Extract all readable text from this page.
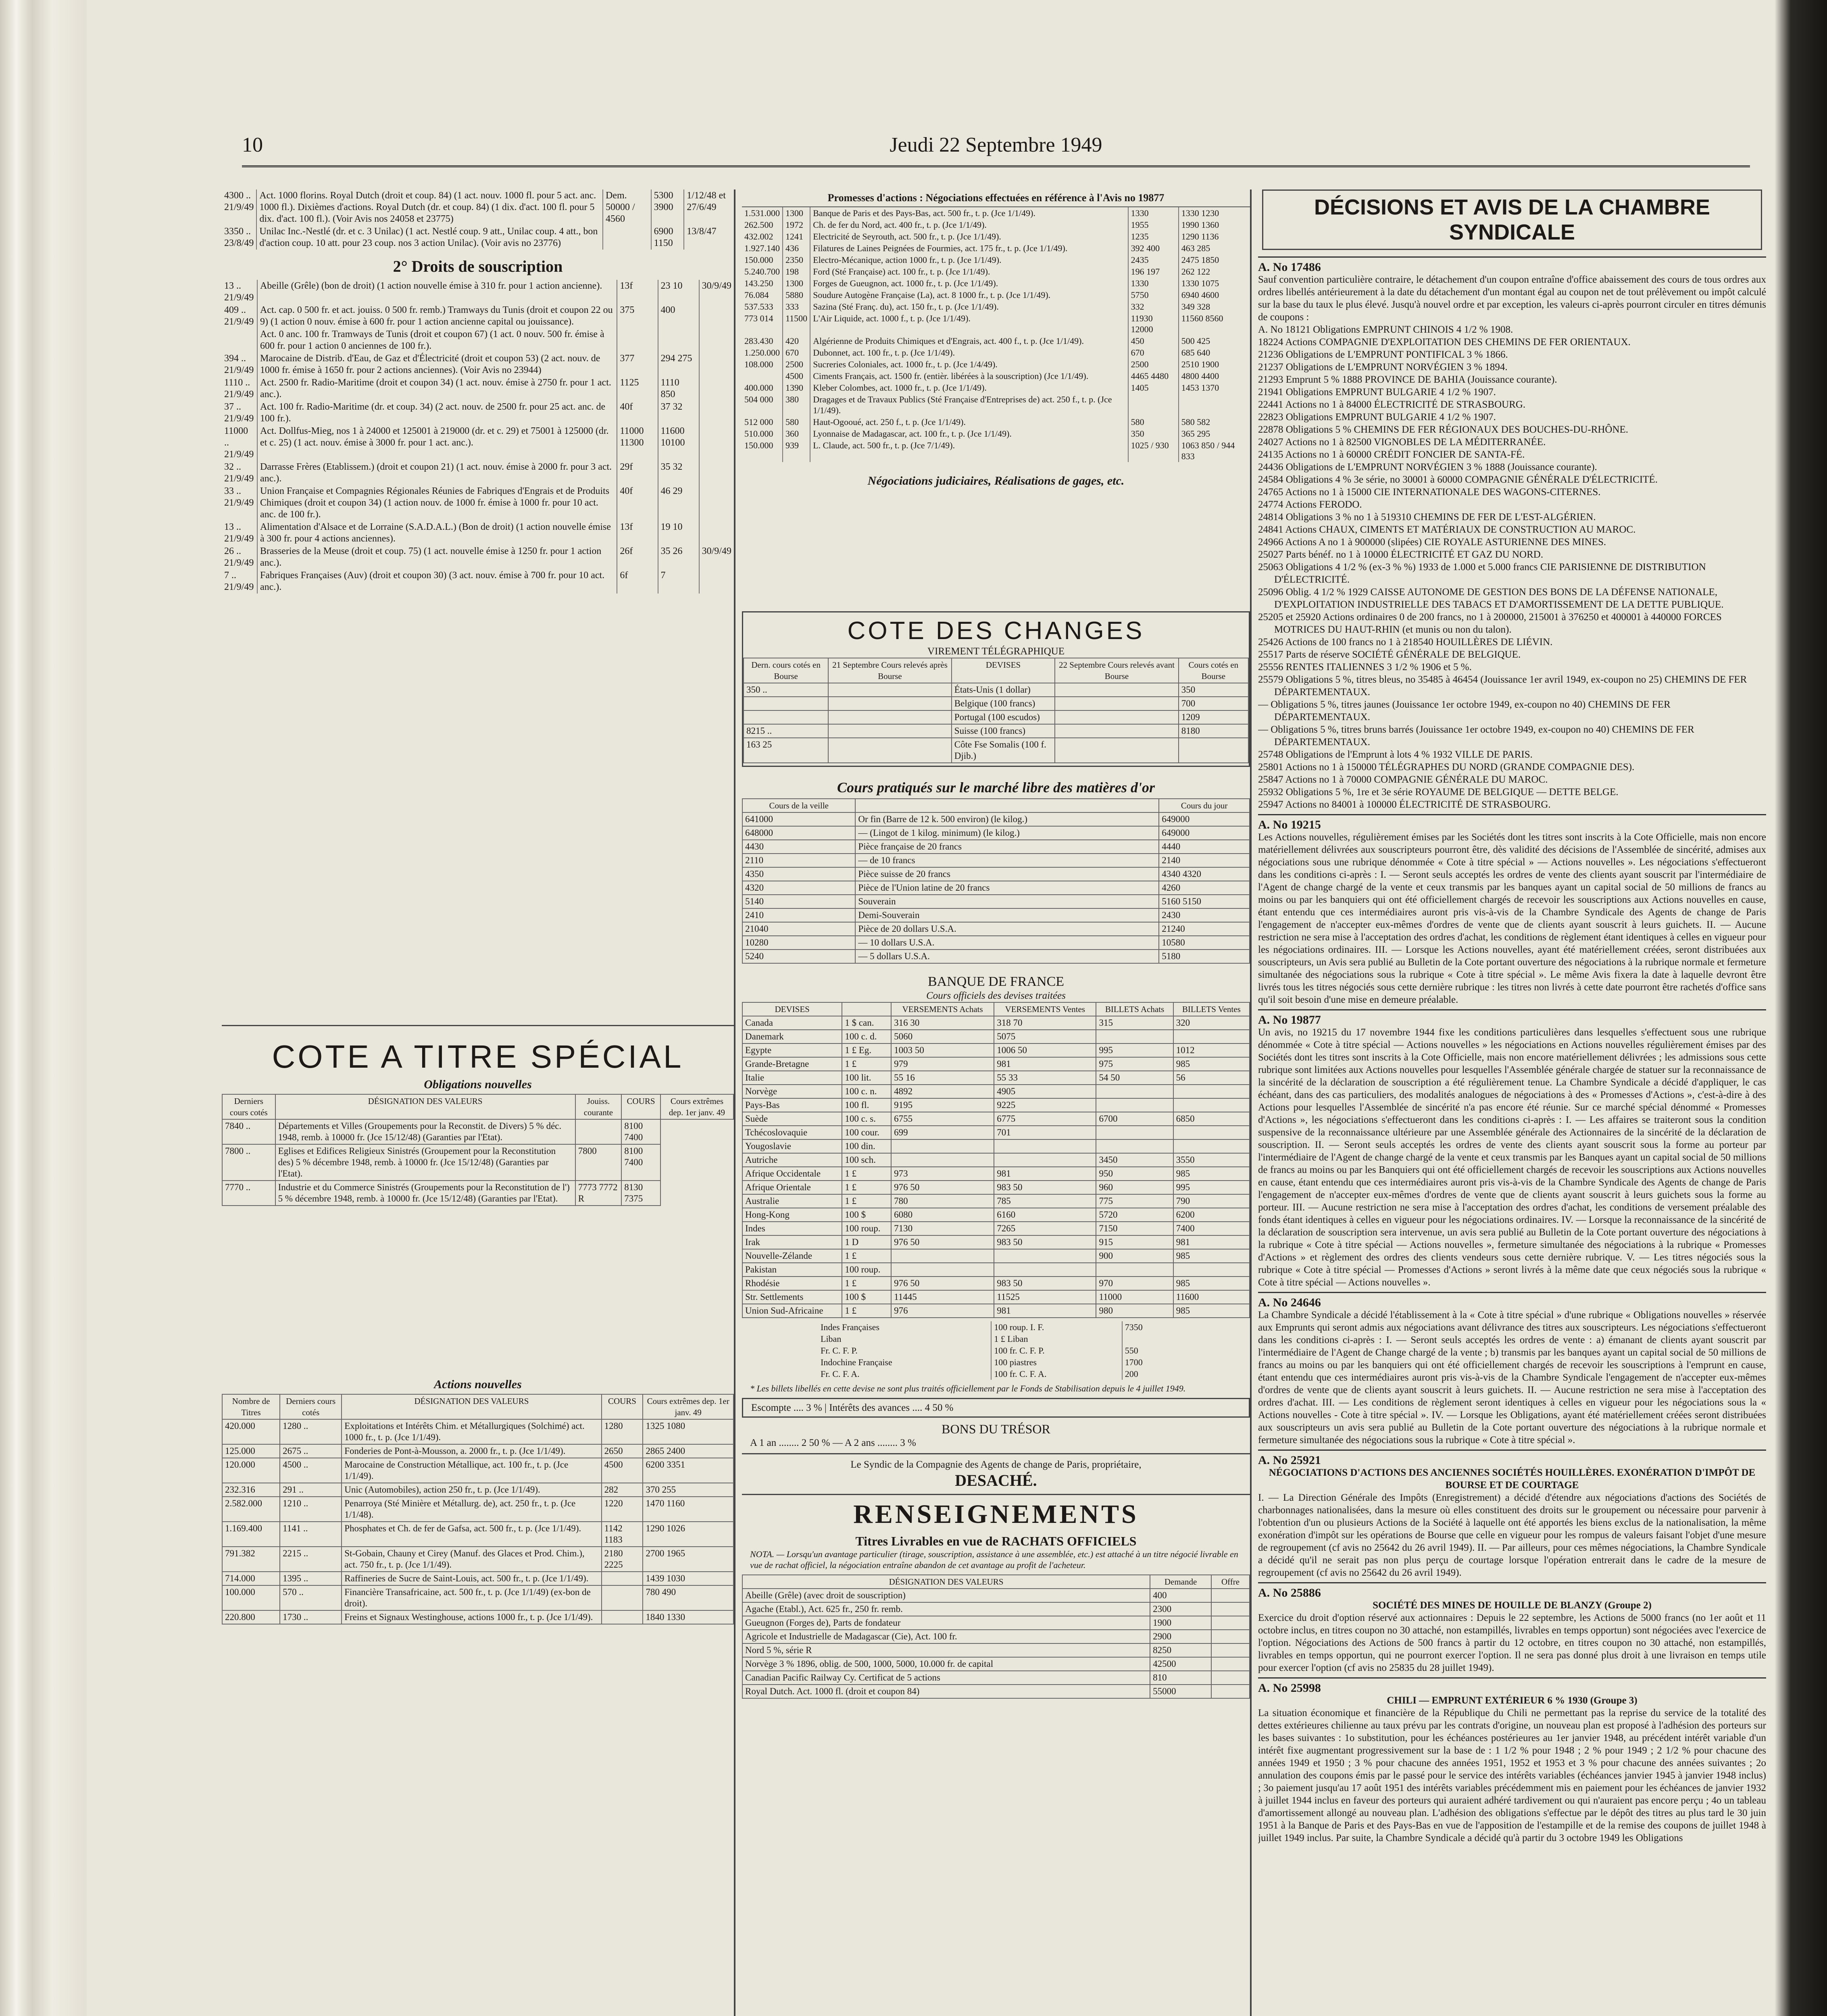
10	Jeudi 22 Septembre 1949
4300 ..
21/9/49	Act. 1000 florins. Royal Dutch (droit et coup. 84) (1 act. nouv. 1000 fl. pour 5 act. anc. 1000 fl.). Dixièmes d'actions. Royal Dutch (dr. et coup. 84) (1 dix. d'act. 100 fl. pour 5 dix. d'act. 100 fl.). (Voir Avis nos 24058 et 23775)	Dem. 50000 / 4560	5300 3900	1/12/48 et 27/6/49
3350 ..
23/8/49	Unilac Inc.-Nestlé (dr. et c. 3 Unilac) (1 act. Nestlé coup. 9 att., Unilac coup. 4 att., bon d'action coup. 10 att. pour 23 coup. nos 3 action Unilac). (Voir avis no 23776)		6900 1150	13/8/47
2° Droits de souscription
13 ..
21/9/49	Abeille (Grêle) (bon de droit) (1 action nouvelle émise à 310 fr. pour 1 action ancienne).	13f	23 10	30/9/49
409 ..
21/9/49	Act. cap. 0 500 fr. et act. jouiss. 0 500 fr. remb.) Tramways du Tunis (droit et coupon 22 ou 9) (1 action 0 nouv. émise à 600 fr. pour 1 action ancienne capital ou jouissance).	375	400	
	Act. 0 anc. 100 fr. Tramways de Tunis (droit et coupon 67) (1 act. 0 nouv. 500 fr. émise à 600 fr. pour 1 action 0 anciennes de 100 fr.).			
394 ..
21/9/49	Marocaine de Distrib. d'Eau, de Gaz et d'Électricité (droit et coupon 53) (2 act. nouv. de 1000 fr. émise à 1650 fr. pour 2 actions anciennes). (Voir Avis no 23944)	377	294 275	
1110 ..
21/9/49	Act. 2500 fr. Radio-Maritime (droit et coupon 34) (1 act. nouv. émise à 2750 fr. pour 1 act. anc.).	1125	1110 850	
37 ..
21/9/49	Act. 100 fr. Radio-Maritime (dr. et coup. 34) (2 act. nouv. de 2500 fr. pour 25 act. anc. de 100 fr.).	40f	37 32	
11000 ..
21/9/49	Act. Dollfus-Mieg, nos 1 à 24000 et 125001 à 219000 (dr. et c. 29) et 75001 à 125000 (dr. et c. 25) (1 act. nouv. émise à 3000 fr. pour 1 act. anc.).	11000 11300	11600 10100	
32 ..
21/9/49	Darrasse Frères (Etablissem.) (droit et coupon 21) (1 act. nouv. émise à 2000 fr. pour 3 act. anc.).	29f	35 32	
33 ..
21/9/49	Union Française et Compagnies Régionales Réunies de Fabriques d'Engrais et de Produits Chimiques (droit et coupon 34) (1 action nouv. de 1000 fr. émise à 1000 fr. pour 10 act. anc. de 100 fr.).	40f	46 29	
13 ..
21/9/49	Alimentation d'Alsace et de Lorraine (S.A.D.A.L.) (Bon de droit) (1 action nouvelle émise à 300 fr. pour 4 actions anciennes).	13f	19 10	
26 ..
21/9/49	Brasseries de la Meuse (droit et coup. 75) (1 act. nouvelle émise à 1250 fr. pour 1 action anc.).	26f	35 26	30/9/49
7 ..
21/9/49	Fabriques Françaises (Auv) (droit et coupon 30) (3 act. nouv. émise à 700 fr. pour 10 act. anc.).	6f	7	
COTE A TITRE SPÉCIAL
Obligations nouvelles
Derniers cours cotés	DÉSIGNATION DES VALEURS	Jouiss. courante	COURS	Cours extrêmes dep. 1er janv. 49
7840 ..	Départements et Villes (Groupements pour la Reconstit. de Divers) 5 % déc. 1948, remb. à 10000 fr. (Jce 15/12/48) (Garanties par l'Etat).		8100 7400	
7800 ..	Eglises et Edifices Religieux Sinistrés (Groupement pour la Reconstitution des) 5 % décembre 1948, remb. à 10000 fr. (Jce 15/12/48) (Garanties par l'Etat).	7800	8100 7400	
7770 ..	Industrie et du Commerce Sinistrés (Groupements pour la Reconstitution de l') 5 % décembre 1948, remb. à 10000 fr. (Jce 15/12/48) (Garanties par l'Etat).	7773 7772 R	8130 7375	
Actions nouvelles
Nombre de Titres	Derniers cours cotés	DÉSIGNATION DES VALEURS	COURS	Cours extrêmes dep. 1er janv. 49
420.000	1280 ..	Exploitations et Intérêts Chim. et Métallurgiques (Solchimé) act. 1000 fr., t. p. (Jce 1/1/49).	1280	1325 1080
125.000	2675 ..	Fonderies de Pont-à-Mousson, a. 2000 fr., t. p. (Jce 1/1/49).	2650	2865 2400
120.000	4500 ..	Marocaine de Construction Métallique, act. 100 fr., t. p. (Jce 1/1/49).	4500	6200 3351
232.316	291 ..	Unic (Automobiles), action 250 fr., t. p. (Jce 1/1/49).	282	370 255
2.582.000	1210 ..	Penarroya (Sté Minière et Métallurg. de), act. 250 fr., t. p. (Jce 1/1/48).	1220	1470 1160
1.169.400	1141 ..	Phosphates et Ch. de fer de Gafsa, act. 500 fr., t. p. (Jce 1/1/49).	1142 1183	1290 1026
791.382	2215 ..	St-Gobain, Chauny et Cirey (Manuf. des Glaces et Prod. Chim.), act. 750 fr., t. p. (Jce 1/1/49).	2180 2225	2700 1965
714.000	1395 ..	Raffineries de Sucre de Saint-Louis, act. 500 fr., t. p. (Jce 1/1/49).		1439 1030
100.000	570 ..	Financière Transafricaine, act. 500 fr., t. p. (Jce 1/1/49) (ex-bon de droit).		780 490
220.800	1730 ..	Freins et Signaux Westinghouse, actions 1000 fr., t. p. (Jce 1/1/49).		1840 1330
Promesses d'actions : Négociations effectuées en référence à l'Avis no 19877
1.531.000	1300	Banque de Paris et des Pays-Bas, act. 500 fr., t. p. (Jce 1/1/49).	1330	1330 1230
262.500	1972	Ch. de fer du Nord, act. 400 fr., t. p. (Jce 1/1/49).	1955	1990 1360
432.002	1241	Electricité de Seyrouth, act. 500 fr., t. p. (Jce 1/1/49).	1235	1290 1136
1.927.140	436	Filatures de Laines Peignées de Fourmies, act. 175 fr., t. p. (Jce 1/1/49).	392 400	463 285
150.000	2350	Electro-Mécanique, action 1000 fr., t. p. (Jce 1/1/49).	2435	2475 1850
5.240.700	198	Ford (Sté Française) act. 100 fr., t. p. (Jce 1/1/49).	196 197	262 122
143.250	1300	Forges de Gueugnon, act. 1000 fr., t. p. (Jce 1/1/49).	1330	1330 1075
76.084	5880	Soudure Autogène Française (La), act. 8 1000 fr., t. p. (Jce 1/1/49).	5750	6940 4600
537.533	333	Sazina (Sté Franç. du), act. 150 fr., t. p. (Jce 1/1/49).	332	349 328
773 014	11500	L'Air Liquide, act. 1000 f., t. p. (Jce 1/1/49).	11930 12000	11560 8560
283.430	420	Algérienne de Produits Chimiques et d'Engrais, act. 400 f., t. p. (Jce 1/1/49).	450	500 425
1.250.000	670	Dubonnet, act. 100 fr., t. p. (Jce 1/1/49).	670	685 640
108.000	2500	Sucreries Coloniales, act. 1000 fr., t. p. (Jce 1/4/49).	2500	2510 1900
	4500	Ciments Français, act. 1500 fr. (entièr. libérées à la souscription) (Jce 1/1/49).	4465 4480	4800 4400
400.000	1390	Kleber Colombes, act. 1000 fr., t. p. (Jce 1/1/49).	1405	1453 1370
504 000	380	Dragages et de Travaux Publics (Sté Française d'Entreprises de) act. 250 f., t. p. (Jce 1/1/49).		
512 000	580	Haut-Ogooué, act. 250 f., t. p. (Jce 1/1/49).	580	580 582
510.000	360	Lyonnaise de Madagascar, act. 100 fr., t. p. (Jce 1/1/49).	350	365 295
150.000	939	L. Claude, act. 500 fr., t. p. (Jce 7/1/49).	1025 / 930	1063 850 / 944 833
Négociations judiciaires, Réalisations de gages, etc.
COTE DES CHANGES
VIREMENT TÉLÉGRAPHIQUE
Dern. cours cotés en Bourse	21 Septembre Cours relevés après Bourse	DEVISES	22 Septembre Cours relevés avant Bourse	Cours cotés en Bourse
350 ..		États-Unis (1 dollar)		350
		Belgique (100 francs)		700
		Portugal (100 escudos)		1209
8215 ..		Suisse (100 francs)		8180
163 25		Côte Fse Somalis (100 f. Djib.)		
Cours pratiqués sur le marché libre des matières d'or
Cours de la veille		Cours du jour
641000	Or fin (Barre de 12 k. 500 environ) (le kilog.)	649000
648000	— (Lingot de 1 kilog. minimum) (le kilog.)	649000
4430	Pièce française de 20 francs	4440
2110	— de 10 francs	2140
4350	Pièce suisse de 20 francs	4340 4320
4320	Pièce de l'Union latine de 20 francs	4260
5140	Souverain	5160 5150
2410	Demi-Souverain	2430
21040	Pièce de 20 dollars U.S.A.	21240
10280	— 10 dollars U.S.A.	10580
5240	— 5 dollars U.S.A.	5180
BANQUE DE FRANCE
Cours officiels des devises traitées
DEVISES		VERSEMENTS Achats	VERSEMENTS Ventes	BILLETS Achats	BILLETS Ventes
Canada	1 $ can.	316 30	318 70	315	320
Danemark	100 c. d.	5060	5075		
Egypte	1 £ Eg.	1003 50	1006 50	995	1012
Grande-Bretagne	1 £	979	981	975	985
Italie	100 lit.	55 16	55 33	54 50	56
Norvège	100 c. n.	4892	4905		
Pays-Bas	100 fl.	9195	9225		
Suède	100 c. s.	6755	6775	6700	6850
Tchécoslovaquie	100 cour.	699	701		
Yougoslavie	100 din.				
Autriche	100 sch.			3450	3550
Afrique Occidentale	1 £	973	981	950	985
Afrique Orientale	1 £	976 50	983 50	960	995
Australie	1 £	780	785	775	790
Hong-Kong	100 $	6080	6160	5720	6200
Indes	100 roup.	7130	7265	7150	7400
Irak	1 D	976 50	983 50	915	981
Nouvelle-Zélande	1 £			900	985
Pakistan	100 roup.				
Rhodésie	1 £	976 50	983 50	970	985
Str. Settlements	100 $	11445	11525	11000	11600
Union Sud-Africaine	1 £	976	981	980	985
Indes Françaises	100 roup. I. F.	7350
Liban	1 £ Liban	
Fr. C. F. P.	100 fr. C. F. P.	550
Indochine Française	100 piastres	1700
Fr. C. F. A.	100 fr. C. F. A.	200
* Les billets libellés en cette devise ne sont plus traités officiellement par le Fonds de Stabilisation depuis le 4 juillet 1949.
Escompte .... 3 % | Intérêts des avances .... 4 50 %
BONS DU TRÉSOR
A 1 an ........ 2 50 % — A 2 ans ........ 3 %
Le Syndic de la Compagnie des Agents de change de Paris, propriétaire,
DESACHÉ.
RENSEIGNEMENTS
Titres Livrables en vue de RACHATS OFFICIELS
NOTA. — Lorsqu'un avantage particulier (tirage, souscription, assistance à une assemblée, etc.) est attaché à un titre négocié livrable en vue de rachat officiel, la négociation entraîne abandon de cet avantage au profit de l'acheteur.
DÉSIGNATION DES VALEURS	Demande	Offre
Abeille (Grêle) (avec droit de souscription)	400	
Agache (Etabl.), Act. 625 fr., 250 fr. remb.	2300	
Gueugnon (Forges de), Parts de fondateur	1900	
Agricole et Industrielle de Madagascar (Cie), Act. 100 fr.	2900	
Nord 5 %, série R	8250	
Norvège 3 % 1896, oblig. de 500, 1000, 5000, 10.000 fr. de capital	42500	
Canadian Pacific Railway Cy. Certificat de 5 actions	810	
Royal Dutch. Act. 1000 fl. (droit et coupon 84)	55000	
DÉCISIONS ET AVIS DE LA CHAMBRE SYNDICALE
A. No 17486
Sauf convention particulière contraire, le détachement d'un coupon entraîne d'office abaissement des cours de tous ordres aux ordres libellés antérieurement à la date du détachement d'un montant égal au coupon net de tout prélèvement ou impôt calculé sur la base du taux le plus élevé. Jusqu'à nouvel ordre et par exception, les valeurs ci-après pourront circuler en titres démunis de coupons :
A. No 18121 Obligations EMPRUNT CHINOIS 4 1/2 % 1908.
18224 Actions COMPAGNIE D'EXPLOITATION DES CHEMINS DE FER ORIENTAUX.
21236 Obligations de L'EMPRUNT PONTIFICAL 3 % 1866.
21237 Obligations de L'EMPRUNT NORVÉGIEN 3 % 1894.
21293 Emprunt 5 % 1888 PROVINCE DE BAHIA (Jouissance courante).
21941 Obligations EMPRUNT BULGARIE 4 1/2 % 1907.
22441 Actions no 1 à 84000 ÉLECTRICITÉ DE STRASBOURG.
22823 Obligations EMPRUNT BULGARIE 4 1/2 % 1907.
22878 Obligations 5 % CHEMINS DE FER RÉGIONAUX DES BOUCHES-DU-RHÔNE.
24027 Actions no 1 à 82500 VIGNOBLES DE LA MÉDITERRANÉE.
24135 Actions no 1 à 60000 CRÉDIT FONCIER DE SANTA-FÉ.
24436 Obligations de L'EMPRUNT NORVÉGIEN 3 % 1888 (Jouissance courante).
24584 Obligations 4 % 3e série, no 30001 à 60000 COMPAGNIE GÉNÉRALE D'ÉLECTRICITÉ.
24765 Actions no 1 à 15000 CIE INTERNATIONALE DES WAGONS-CITERNES.
24774 Actions FERODO.
24814 Obligations 3 % no 1 à 519310 CHEMINS DE FER DE L'EST-ALGÉRIEN.
24841 Actions CHAUX, CIMENTS ET MATÉRIAUX DE CONSTRUCTION AU MAROC.
24966 Actions A no 1 à 900000 (slipées) CIE ROYALE ASTURIENNE DES MINES.
25027 Parts bénéf. no 1 à 10000 ÉLECTRICITÉ ET GAZ DU NORD.
25063 Obligations 4 1/2 % (ex-3 % %) 1933 de 1.000 et 5.000 francs CIE PARISIENNE DE DISTRIBUTION D'ÉLECTRICITÉ.
25096 Oblig. 4 1/2 % 1929 CAISSE AUTONOME DE GESTION DES BONS DE LA DÉFENSE NATIONALE, D'EXPLOITATION INDUSTRIELLE DES TABACS ET D'AMORTISSEMENT DE LA DETTE PUBLIQUE.
25205 et 25920 Actions ordinaires 0 de 200 francs, no 1 à 200000, 215001 à 376250 et 400001 à 440000 FORCES MOTRICES DU HAUT-RHIN (et munis ou non du talon).
25426 Actions de 100 francs no 1 à 218540 HOUILLÈRES DE LIÉVIN.
25517 Parts de réserve SOCIÉTÉ GÉNÉRALE DE BELGIQUE.
25556 RENTES ITALIENNES 3 1/2 % 1906 et 5 %.
25579 Obligations 5 %, titres bleus, no 35485 à 46454 (Jouissance 1er avril 1949, ex-coupon no 25) CHEMINS DE FER DÉPARTEMENTAUX.
— Obligations 5 %, titres jaunes (Jouissance 1er octobre 1949, ex-coupon no 40) CHEMINS DE FER DÉPARTEMENTAUX.
— Obligations 5 %, titres bruns barrés (Jouissance 1er octobre 1949, ex-coupon no 40) CHEMINS DE FER DÉPARTEMENTAUX.
25748 Obligations de l'Emprunt à lots 4 % 1932 VILLE DE PARIS.
25801 Actions no 1 à 150000 TÉLÉGRAPHES DU NORD (GRANDE COMPAGNIE DES).
25847 Actions no 1 à 70000 COMPAGNIE GÉNÉRALE DU MAROC.
25932 Obligations 5 %, 1re et 3e série ROYAUME DE BELGIQUE — DETTE BELGE.
25947 Actions no 84001 à 100000 ÉLECTRICITÉ DE STRASBOURG.
A. No 19215
Les Actions nouvelles, régulièrement émises par les Sociétés dont les titres sont inscrits à la Cote Officielle, mais non encore matériellement délivrées aux souscripteurs pourront être, dès validité des décisions de l'Assemblée de sincérité, admises aux négociations sous une rubrique dénommée « Cote à titre spécial » — Actions nouvelles ». Les négociations s'effectueront dans les conditions ci-après : I. — Seront seuls acceptés les ordres de vente des clients ayant souscrit par l'intermédiaire de l'Agent de change chargé de la vente et ceux transmis par les banques ayant un capital social de 50 millions de francs au moins ou par les banquiers qui ont été officiellement chargés de recevoir les souscriptions aux Actions nouvelles en cause, étant entendu que ces intermédiaires auront pris vis-à-vis de la Chambre Syndicale des Agents de change de Paris l'engagement de n'accepter eux-mêmes d'ordres de vente que de clients ayant souscrit à leurs guichets. II. — Aucune restriction ne sera mise à l'acceptation des ordres d'achat, les conditions de règlement étant identiques à celles en vigueur pour les négociations ordinaires. III. — Lorsque les Actions nouvelles, ayant été matériellement créées, seront distribuées aux souscripteurs, un Avis sera publié au Bulletin de la Cote portant ouverture des négociations à la rubrique normale et fermeture simultanée des négociations sous la rubrique « Cote à titre spécial ». Le même Avis fixera la date à laquelle devront être livrés tous les titres négociés sous cette dernière rubrique : les titres non livrés à cette date pourront être rachetés d'office sans qu'il soit besoin d'une mise en demeure préalable.
A. No 19877
Un avis, no 19215 du 17 novembre 1944 fixe les conditions particulières dans lesquelles s'effectuent sous une rubrique dénommée « Cote à titre spécial — Actions nouvelles » les négociations en Actions nouvelles régulièrement émises par des Sociétés dont les titres sont inscrits à la Cote Officielle, mais non encore matériellement délivrées ; les admissions sous cette rubrique sont limitées aux Actions nouvelles pour lesquelles l'Assemblée générale chargée de statuer sur la reconnaissance de la sincérité de la déclaration de souscription a été régulièrement tenue. La Chambre Syndicale a décidé d'appliquer, le cas échéant, dans des cas particuliers, des modalités analogues de négociations à des « Promesses d'Actions », c'est-à-dire à des Actions pour lesquelles l'Assemblée de sincérité n'a pas encore été réunie. Sur ce marché spécial dénommé « Promesses d'Actions », les négociations s'effectueront dans les conditions ci-après : I. — Les affaires se traiteront sous la condition suspensive de la reconnaissance ultérieure par une Assemblée générale des Actionnaires de la sincérité de la déclaration de souscription. II. — Seront seuls acceptés les ordres de vente des clients ayant souscrit sous la forme au porteur par l'intermédiaire de l'Agent de change chargé de la vente et ceux transmis par les Banques ayant un capital social de 50 millions de francs au moins ou par les Banquiers qui ont été officiellement chargés de recevoir les souscriptions aux Actions nouvelles en cause, étant entendu que ces intermédiaires auront pris vis-à-vis de la Chambre Syndicale des Agents de change de Paris l'engagement de n'accepter eux-mêmes d'ordres de vente que de clients ayant souscrit à leurs guichets sous la forme au porteur. III. — Aucune restriction ne sera mise à l'acceptation des ordres d'achat, les conditions de versement préalable des fonds étant identiques à celles en vigueur pour les négociations ordinaires. IV. — Lorsque la reconnaissance de la sincérité de la déclaration de souscription sera intervenue, un avis sera publié au Bulletin de la Cote portant ouverture des négociations à la rubrique « Cote à titre spécial — Actions nouvelles », fermeture simultanée des négociations à la rubrique « Promesses d'Actions » et règlement des ordres des clients vendeurs sous cette dernière rubrique. V. — Les titres négociés sous la rubrique « Cote à titre spécial — Promesses d'Actions » seront livrés à la même date que ceux négociés sous la rubrique « Cote à titre spécial — Actions nouvelles ».
A. No 24646
La Chambre Syndicale a décidé l'établissement à la « Cote à titre spécial » d'une rubrique « Obligations nouvelles » réservée aux Emprunts qui seront admis aux négociations avant délivrance des titres aux souscripteurs. Les négociations s'effectueront dans les conditions ci-après : I. — Seront seuls acceptés les ordres de vente : a) émanant de clients ayant souscrit par l'intermédiaire de l'Agent de Change chargé de la vente ; b) transmis par les banques ayant un capital social de 50 millions de francs au moins ou par les banquiers qui ont été officiellement chargés de recevoir les souscriptions à l'emprunt en cause, étant entendu que ces intermédiaires auront pris vis-à-vis de la Chambre Syndicale l'engagement de n'accepter eux-mêmes d'ordres de vente que de clients ayant souscrit à leurs guichets. II. — Aucune restriction ne sera mise à l'acceptation des ordres d'achat. III. — Les conditions de règlement seront identiques à celles en vigueur pour les négociations sous la « Actions nouvelles - Cote à titre spécial ». IV. — Lorsque les Obligations, ayant été matériellement créées seront distribuées aux souscripteurs un avis sera publié au Bulletin de la Cote portant ouverture des négociations à la rubrique normale et fermeture simultanée des négociations sous la rubrique « Cote à titre spécial ».
A. No 25921
NÉGOCIATIONS D'ACTIONS DES ANCIENNES SOCIÉTÉS HOUILLÈRES. EXONÉRATION D'IMPÔT DE BOURSE ET DE COURTAGE
I. — La Direction Générale des Impôts (Enregistrement) a décidé d'étendre aux négociations d'actions des Sociétés de charbonnages nationalisées, dans la mesure où elles constituent des droits sur le groupement ou nécessaire pour parvenir à l'obtention d'un ou plusieurs Actions de la Société à laquelle ont été apportés les biens exclus de la nationalisation, la même exonération d'impôt sur les opérations de Bourse que celle en vigueur pour les rompus de valeurs faisant l'objet d'une mesure de regroupement (cf avis no 25642 du 26 avril 1949). II. — Par ailleurs, pour ces mêmes négociations, la Chambre Syndicale a décidé qu'il ne serait pas non plus perçu de courtage lorsque l'opération entrerait dans le cadre de la mesure de regroupement (cf avis no 25642 du 26 avril 1949).
A. No 25886
SOCIÉTÉ DES MINES DE HOUILLE DE BLANZY (Groupe 2)
Exercice du droit d'option réservé aux actionnaires : Depuis le 22 septembre, les Actions de 5000 francs (no 1er août et 11 octobre inclus, en titres coupon no 30 attaché, non estampillés, livrables en temps opportun) sont négociées avec l'exercice de l'option. Négociations des Actions de 500 francs à partir du 12 octobre, en titres coupon no 30 attaché, non estampillés, livrables en temps opportun, qui ne pourront exercer l'option. Il ne sera pas donné plus droit à une livraison en temps utile pour exercer l'option (cf avis no 25835 du 28 juillet 1949).
A. No 25998
CHILI — EMPRUNT EXTÉRIEUR 6 % 1930 (Groupe 3)
La situation économique et financière de la République du Chili ne permettant pas la reprise du service de la totalité des dettes extérieures chilienne au taux prévu par les contrats d'origine, un nouveau plan est proposé à l'adhésion des porteurs sur les bases suivantes : 1o substitution, pour les échéances postérieures au 1er janvier 1948, au précédent intérêt variable d'un intérêt fixe augmentant progressivement sur la base de : 1 1/2 % pour 1948 ; 2 % pour 1949 ; 2 1/2 % pour chacune des années 1949 et 1950 ; 3 % pour chacune des années 1951, 1952 et 1953 et 3 % pour chacune des années suivantes ; 2o annulation des coupons émis par le passé pour le service des intérêts variables (échéances janvier 1945 à janvier 1948 inclus) ; 3o paiement jusqu'au 17 août 1951 des intérêts variables précédemment mis en paiement pour les échéances de janvier 1932 à juillet 1944 inclus en faveur des porteurs qui auraient adhéré tardivement ou qui n'auraient pas encore perçu ; 4o un tableau d'amortissement allongé au nouveau plan. L'adhésion des obligations s'effectue par le dépôt des titres au plus tard le 30 juin 1951 à la Banque de Paris et des Pays-Bas en vue de l'apposition de l'estampille et de la remise des coupons de juillet 1948 à juillet 1949 inclus. Par suite, la Chambre Syndicale a décidé qu'à partir du 3 octobre 1949 les Obligations
